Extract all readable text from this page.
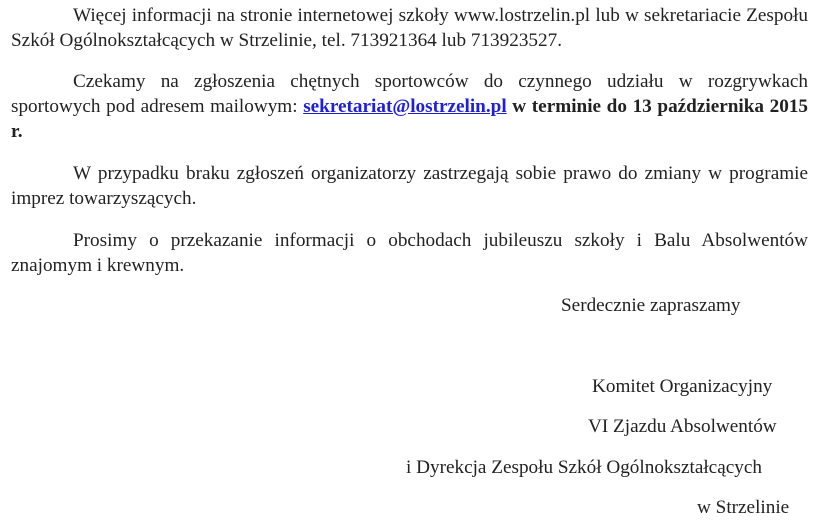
Więcej informacji na stronie internetowej szkoły www.lostrzelin.pl lub w sekretariacie Zespołu Szkół Ogólnokształcących w Strzelinie, tel. 713921364 lub 713923527.

Czekamy na zgłoszenia chętnych sportowców do czynnego udziału w rozgrywkach sportowych pod adresem mailowym: sekretariat@lostrzelin.pl w terminie do 13 października 2015 r.

W przypadku braku zgłoszeń organizatorzy zastrzegają sobie prawo do zmiany w programie imprez towarzyszących.

Prosimy o przekazanie informacji o obchodach jubileuszu szkoły i Balu Absolwentów znajomym i krewnym.

Serdecznie zapraszamy
Komitet Organizacyjny
VI Zjazdu Absolwentów
i Dyrekcja Zespołu Szkół Ogólnokształcących
w Strzelinie
